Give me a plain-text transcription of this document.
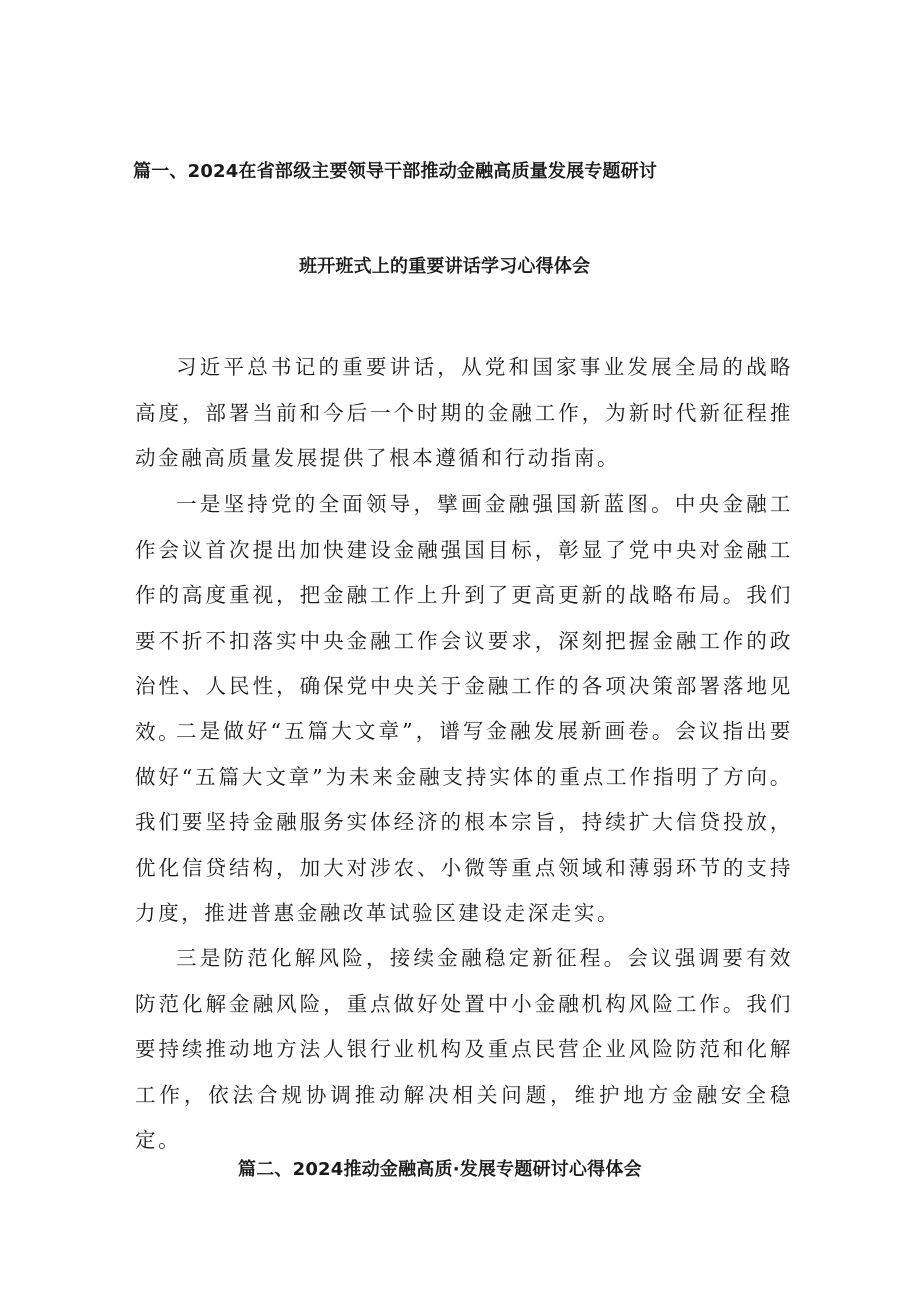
篇一、2024在省部级主要领导干部推动金融高质量发展专题研讨
班开班式上的重要讲话学习心得体会

习近平总书记的重要讲话，从党和国家事业发展全局的战略高度，部署当前和今后一个时期的金融工作，为新时代新征程推动金融高质量发展提供了根本遵循和行动指南。

一是坚持党的全面领导，擘画金融强国新蓝图。中央金融工作会议首次提出加快建设金融强国目标，彰显了党中央对金融工作的高度重视，把金融工作上升到了更高更新的战略布局。我们要不折不扣落实中央金融工作会议要求，深刻把握金融工作的政治性、人民性，确保党中央关于金融工作的各项决策部署落地见效。

二是做好“五篇大文章”，谱写金融发展新画卷。会议指出要做好“五篇大文章”为未来金融支持实体的重点工作指明了方向。我们要坚持金融服务实体经济的根本宗旨，持续扩大信贷投放，优化信贷结构，加大对涉农、小微等重点领域和薄弱环节的支持力度，推进普惠金融改革试验区建设走深走实。

三是防范化解风险，接续金融稳定新征程。会议强调要有效防范化解金融风险，重点做好处置中小金融机构风险工作。我们要持续推动地方法人银行业机构及重点民营企业风险防范和化解工作，依法合规协调推动解决相关问题，维护地方金融安全稳定。

篇二、2024推动金融高质·发展专题研讨心得体会
